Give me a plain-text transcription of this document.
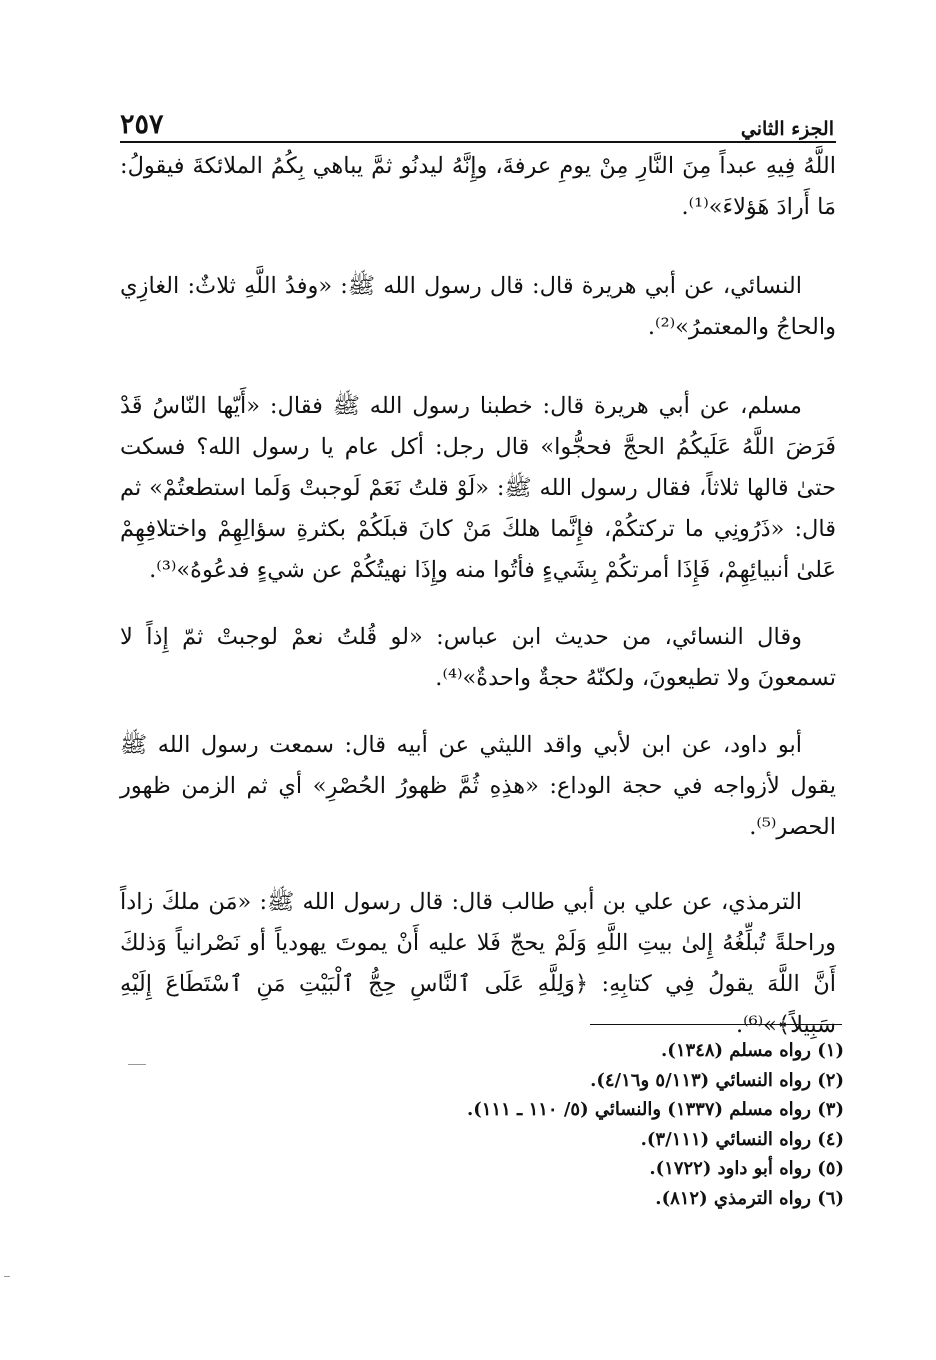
الجزء الثاني
٢٥٧

اللَّهُ فِيهِ عبداً مِنَ النَّارِ مِنْ يومِ عرفةَ، وإِنَّهُ ليدنُو ثمَّ يباهي بِكُمُ الملائكةَ فيقولُ: مَا أَرادَ هَؤلاءَ»⁽¹⁾.

النسائي، عن أبي هريرة قال: قال رسول الله ﷺ: «وفدُ اللَّهِ ثلاثٌ: الغازِي والحاجُ والمعتمرُ»⁽²⁾.

مسلم، عن أبي هريرة قال: خطبنا رسول الله ﷺ فقال: «أَيّها النّاسُ قَدْ فَرَضَ اللَّهُ عَلَيكُمُ الحجَّ فحجُّوا» قال رجل: أكل عام يا رسول الله؟ فسكت حتىٰ قالها ثلاثاً، فقال رسول الله ﷺ: «لَوْ قلتُ نَعَمْ لَوجبتْ وَلَما استطعتُمْ» ثم قال: «ذَرُونِي ما تركتكُمْ، فإِنَّما هلكَ مَنْ كانَ قبلَكُمْ بكثرةِ سؤالِهِمْ واختلافِهِمْ عَلىٰ أنبيائِهِمْ، فَإِذَا أمرتكُمْ بِشَيءٍ فأتُوا منه وإِذَا نهيتُكُمْ عن شيءٍ فدعُوهُ»⁽³⁾.

وقال النسائي، من حديث ابن عباس: «لو قُلتُ نعمْ لوجبتْ ثمّ إِذاً لا تسمعونَ ولا تطيعونَ، ولكنّهُ حجةٌ واحدةٌ»⁽⁴⁾.

أبو داود، عن ابن لأبي واقد الليثي عن أبيه قال: سمعت رسول الله ﷺ يقول لأزواجه في حجة الوداع: «هذِهِ ثُمَّ ظهورُ الحُصْرِ» أي ثم الزمن ظهور الحصر⁽⁵⁾.

الترمذي، عن علي بن أبي طالب قال: قال رسول الله ﷺ: «مَن ملكَ زاداً وراحلةً تُبلِّغُهُ إِلىٰ بيتِ اللَّهِ وَلَمْ يحجّ فَلا عليه أَنْ يموتَ يهودياً أو نَصْرانياً وَذلكَ أَنَّ اللَّهَ يقولُ فِي كتابِهِ: ﴿وَلِلَّهِ عَلَى ٱلنَّاسِ حِجُّ ٱلْبَيْتِ مَنِ ٱسْتَطَاعَ إِلَيْهِ سَبِيلاً﴾»⁽⁶⁾.

(١) رواه مسلم (١٣٤٨).

(٢) رواه النسائي (٥/١١٣ و٤/١٦).

(٣) رواه مسلم (١٣٣٧) والنسائي (٥/ ١١٠ ـ ١١١).

(٤) رواه النسائي (٣/١١١).

(٥) رواه أبو داود (١٧٢٢).

(٦) رواه الترمذي (٨١٢).
